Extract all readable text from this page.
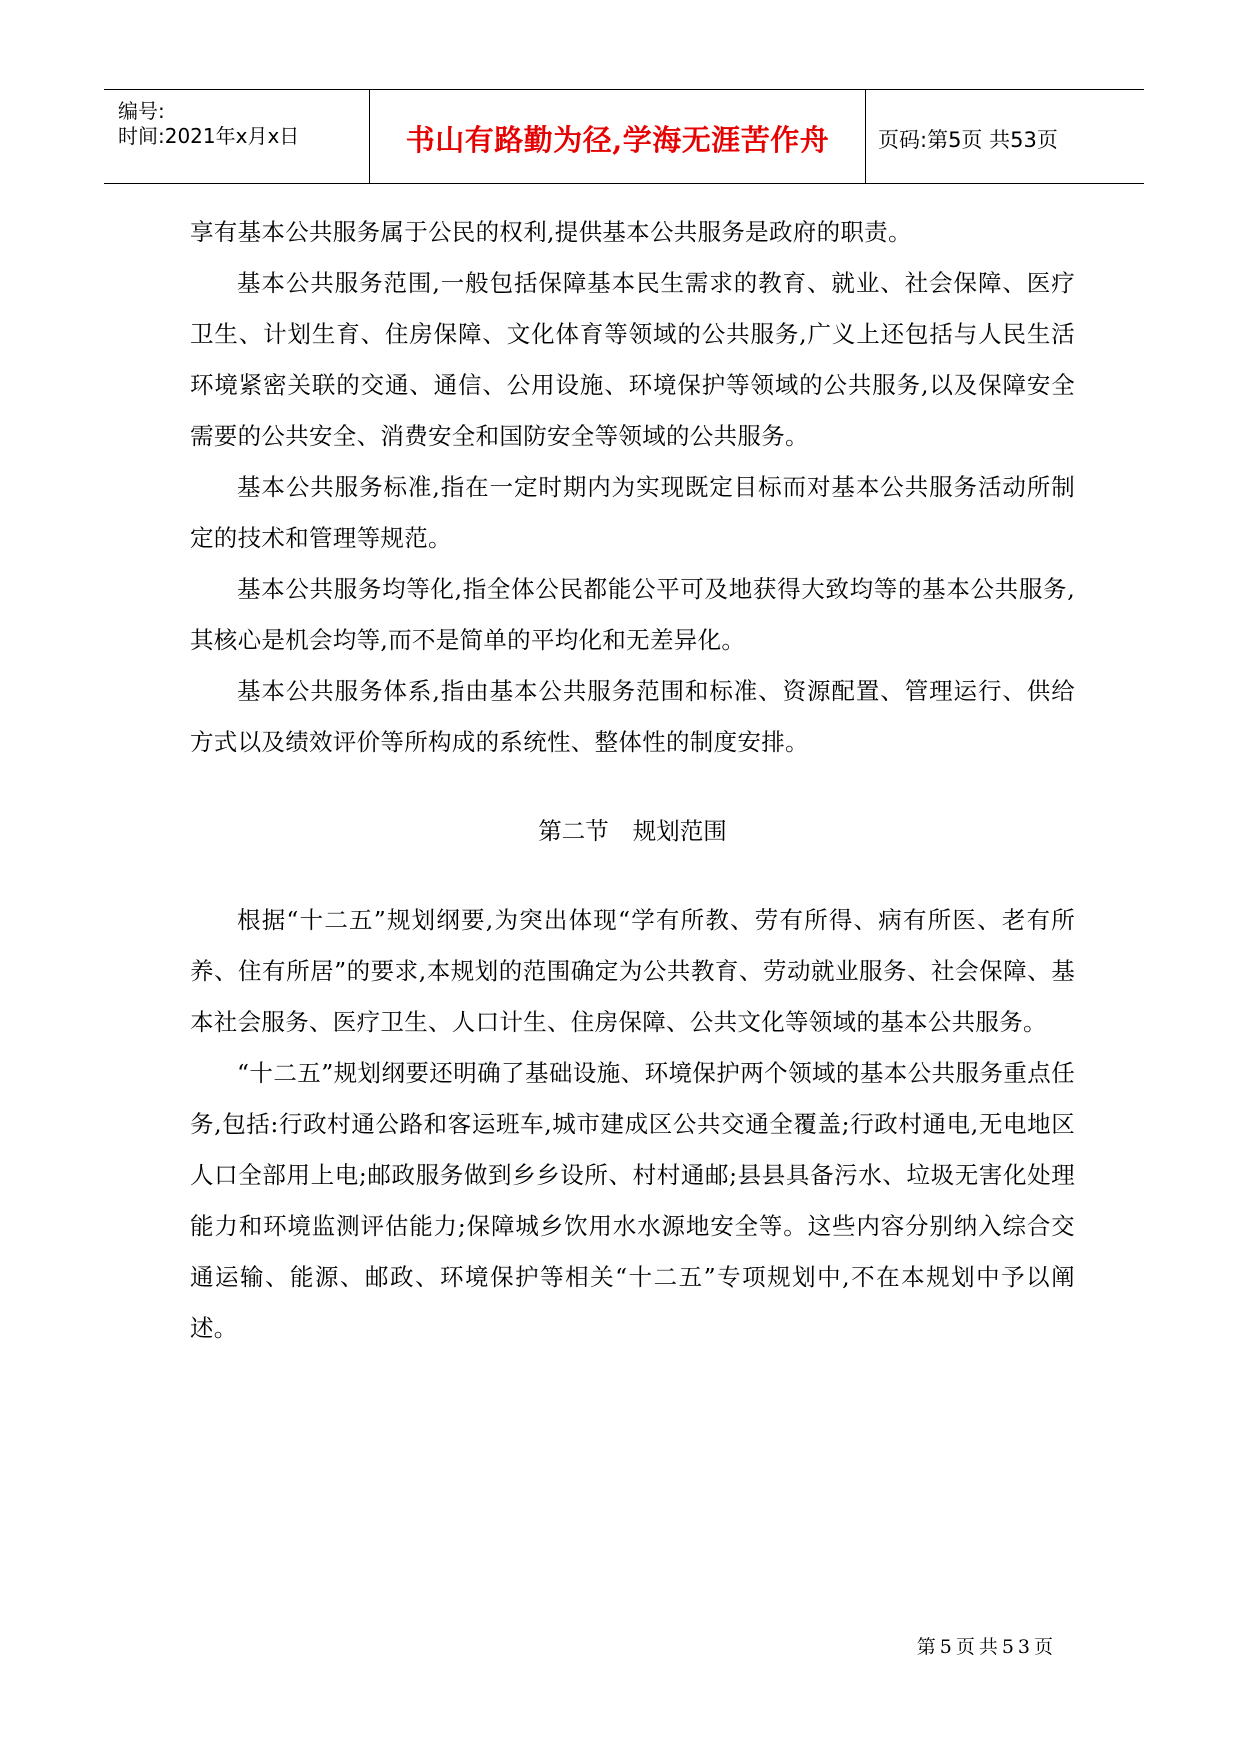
编号:
时间:2021年x月x日	书山有路勤为径,学海无涯苦作舟	页码:第5页 共53页

享有基本公共服务属于公民的权利,提供基本公共服务是政府的职责。

基本公共服务范围,一般包括保障基本民生需求的教育、就业、社会保障、医疗卫生、计划生育、住房保障、文化体育等领域的公共服务,广义上还包括与人民生活环境紧密关联的交通、通信、公用设施、环境保护等领域的公共服务,以及保障安全需要的公共安全、消费安全和国防安全等领域的公共服务。

基本公共服务标准,指在一定时期内为实现既定目标而对基本公共服务活动所制定的技术和管理等规范。

基本公共服务均等化,指全体公民都能公平可及地获得大致均等的基本公共服务,其核心是机会均等,而不是简单的平均化和无差异化。

基本公共服务体系,指由基本公共服务范围和标准、资源配置、管理运行、供给方式以及绩效评价等所构成的系统性、整体性的制度安排。

第二节 规划范围

根据“十二五”规划纲要,为突出体现“学有所教、劳有所得、病有所医、老有所养、住有所居”的要求,本规划的范围确定为公共教育、劳动就业服务、社会保障、基本社会服务、医疗卫生、人口计生、住房保障、公共文化等领域的基本公共服务。

“十二五”规划纲要还明确了基础设施、环境保护两个领域的基本公共服务重点任务,包括:行政村通公路和客运班车,城市建成区公共交通全覆盖;行政村通电,无电地区人口全部用上电;邮政服务做到乡乡设所、村村通邮;县县具备污水、垃圾无害化处理能力和环境监测评估能力;保障城乡饮用水水源地安全等。这些内容分别纳入综合交通运输、能源、邮政、环境保护等相关“十二五”专项规划中,不在本规划中予以阐述。

第5页共53页
